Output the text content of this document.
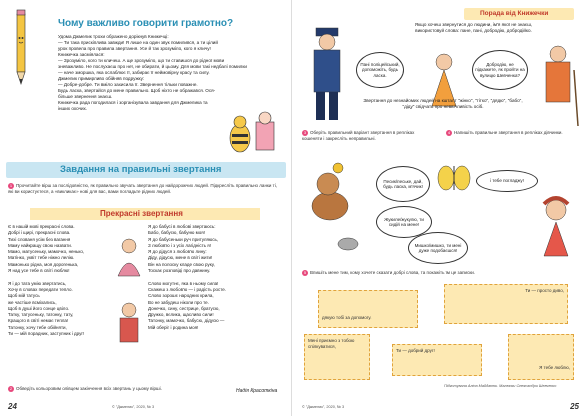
Чому важливо говорити грамотно?
Удома Джмелик трохи ображено дорікнув Книжечці:
— Ти така прискіплива завжди! Я лише на один звук помилився, а ти цілий
урок провела про правила звертання. Усе й так зрозуміло, кого я кличу!
Книжечка засміялася:
— Зрозуміло, кого ти кличеш. А ще зрозуміло, що ти ставишся до рідної мови
зневажливо. Не послухаєш про неї, не обирати, й цьому. Для мови такі недбалі помилки
— наче зморшка, яка ослаблює її, забирає її неймовірну красу та силу.
Джмелик примирливо обійняв подружку:
— Добре-добре. Ти вміло захисила її. Звернення тільки поважне.
Будь ласка, звертайся до мене правильно. Щоб ніхто не ображався. Ося-
більше звернення знаєш.
Книжечка рада погодилася і зорганізувала завдання для Джмелика та
інших охочих.
Завдання на правильні звертання
1 Прочитайте вірш за послідовністю, як правильно звучать звертання до найдорожчих людей. Підкресліть правильно ланки ті, які ви користуєтеся, а «викликає» нові для вас, вами погладьте рідних людей.
Прекрасні звертання
Є в нашій мові прекрасні слова.
Добрі і щирі, прекрасні слова.
Тихі слованя усім без вагання
Маму найкращу свою назвати.
Мамо, матусеньку, мамочко, ненько,
Матінко, уквіт тебе ніжно лелію.
Мамонько рідна, моя дорогенька,
Я над усе тебе в світі люблю!

Я і до тата умію звертатись,
Хочу в словах передати тепло.
Щоб мій татусь
же частіше всміхались,
Щоб в душі його сонце цвіло.
Татку, татусеньку, татонку, тату,
Кращого в світі немає тепла!
Татонку, хочу тебе обійняти,
Ти — мій порадник, заступник і друг!
Я до бабусі в любові звертаюсь:
Бабо, бабусю, бабуню моя!
Я до бабусеньки руч притуляюсь,
З любов'ю і з усіх лагідність я!
Я до дідуся з любов'ю лину:
Діду, дідусю, мене в світі жити!
Він на полоску кладе свою руку,
Тоскає розповіді про давнину.

Слово могутнє, яка в ньому сила!
Скажеш з любов'ю — і радість росте.
Слово зорошє народних крила,
Во не забудеш ніколи про те.
Донечко, сину, сестрице, братусю,
Дружко, вєлика, щасливо сили!
Татонку, мамочко, бабусю, дідусю —
Мій оберіг і родина моя!
Надія Красоткіна
2 Обведіть кольоровим олівцем закінчення всіх звертань у цьому вірші.
24	© "Джмелик", 2020, № 3
Порада від Книжечки
Якщо хочеш звернутися до людини, ім'я якої не знаєш,
використовуй слова: пане, пані, добродію, добродійко.
Пані поліцейський, допоможіть, будь ласка.
Добродію, не підкажете, як пройти на вулицю Шевченка?
Звертання до незнайомих людей на кшталт "жінко", "тітко", "дядю", "бабо", "діду" свідчать про неввічливість осіб.
3 Оберіть правильний варіант звертання в репліках кошеняти і закресліть неправильні.
4 Напишіть правильне звертання в репліках дівчинки.
Песик/пеське, дай, будь ласка, м'ячик!
і тебе погладжу!
Жукиле/жукулю, ти сидій на мене!
Мишко/мишко, ти мені дуже подобаєшся!
5 Впишіть мене тим, кому хочете сказати добрі слова, та покажіть їм це записки.
дякую тобі за допомогу.
Ти — просто диво,
Мені приємно з тобою спілкуватися,
Ти — добрий друг!
Я тебе люблю,
Підготувала Аліна Майданюк. Малюнки Олександри Шевченко
© "Джмелик", 2020, № 3	25
